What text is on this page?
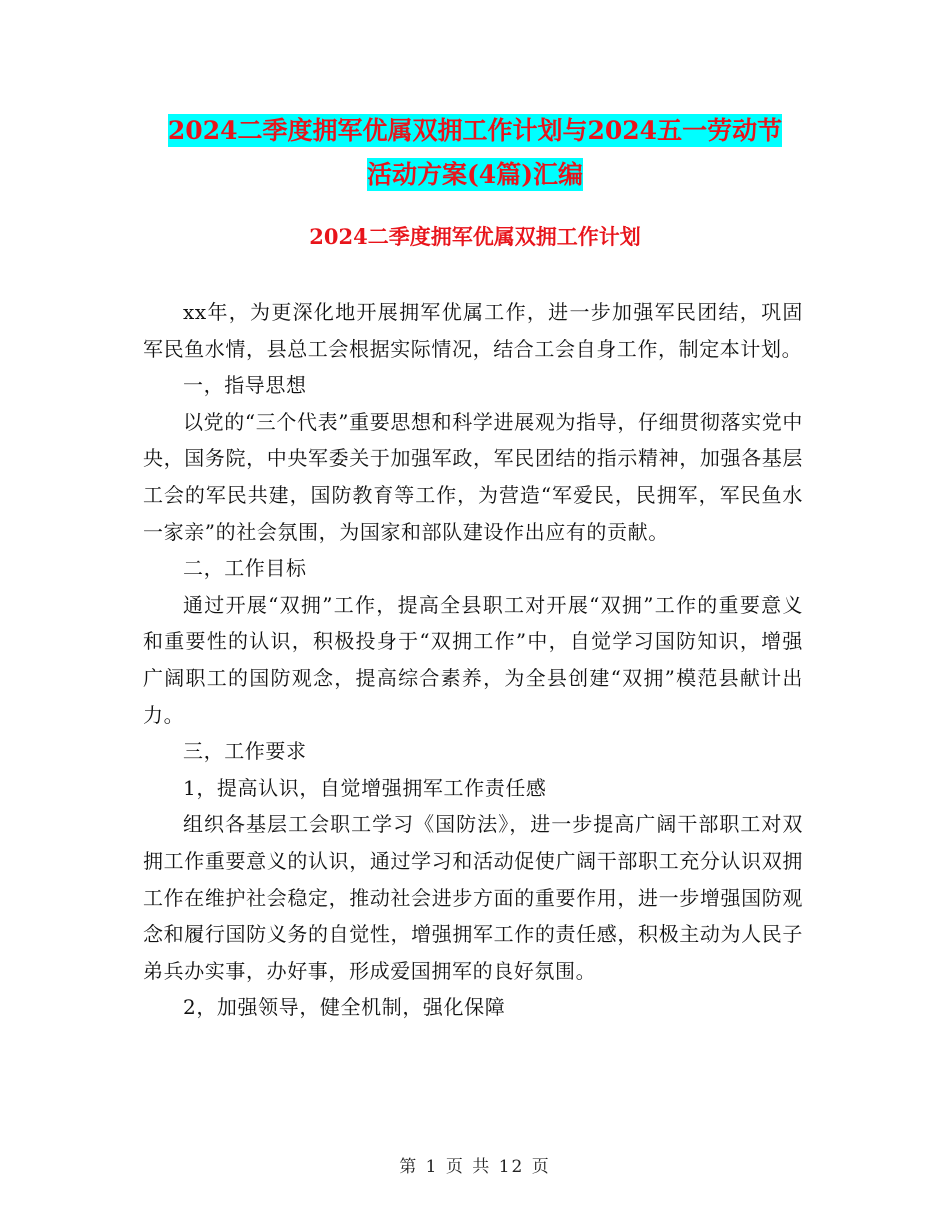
2024二季度拥军优属双拥工作计划与2024五一劳动节
活动方案(4篇)汇编
2024二季度拥军优属双拥工作计划

xx年，为更深化地开展拥军优属工作，进一步加强军民团结，巩固军民鱼水情，县总工会根据实际情况，结合工会自身工作，制定本计划。

一，指导思想

以党的“三个代表”重要思想和科学进展观为指导，仔细贯彻落实党中央，国务院，中央军委关于加强军政，军民团结的指示精神，加强各基层工会的军民共建，国防教育等工作，为营造“军爱民，民拥军，军民鱼水一家亲”的社会氛围，为国家和部队建设作出应有的贡献。

二，工作目标

通过开展“双拥”工作，提高全县职工对开展“双拥”工作的重要意义和重要性的认识，积极投身于“双拥工作”中，自觉学习国防知识，增强广阔职工的国防观念，提高综合素养，为全县创建“双拥”模范县献计出力。

三，工作要求

1，提高认识，自觉增强拥军工作责任感

组织各基层工会职工学习《国防法》，进一步提高广阔干部职工对双拥工作重要意义的认识，通过学习和活动促使广阔干部职工充分认识双拥工作在维护社会稳定，推动社会进步方面的重要作用，进一步增强国防观念和履行国防义务的自觉性，增强拥军工作的责任感，积极主动为人民子弟兵办实事，办好事，形成爱国拥军的良好氛围。

2，加强领导，健全机制，强化保障

第 1 页 共 12 页
